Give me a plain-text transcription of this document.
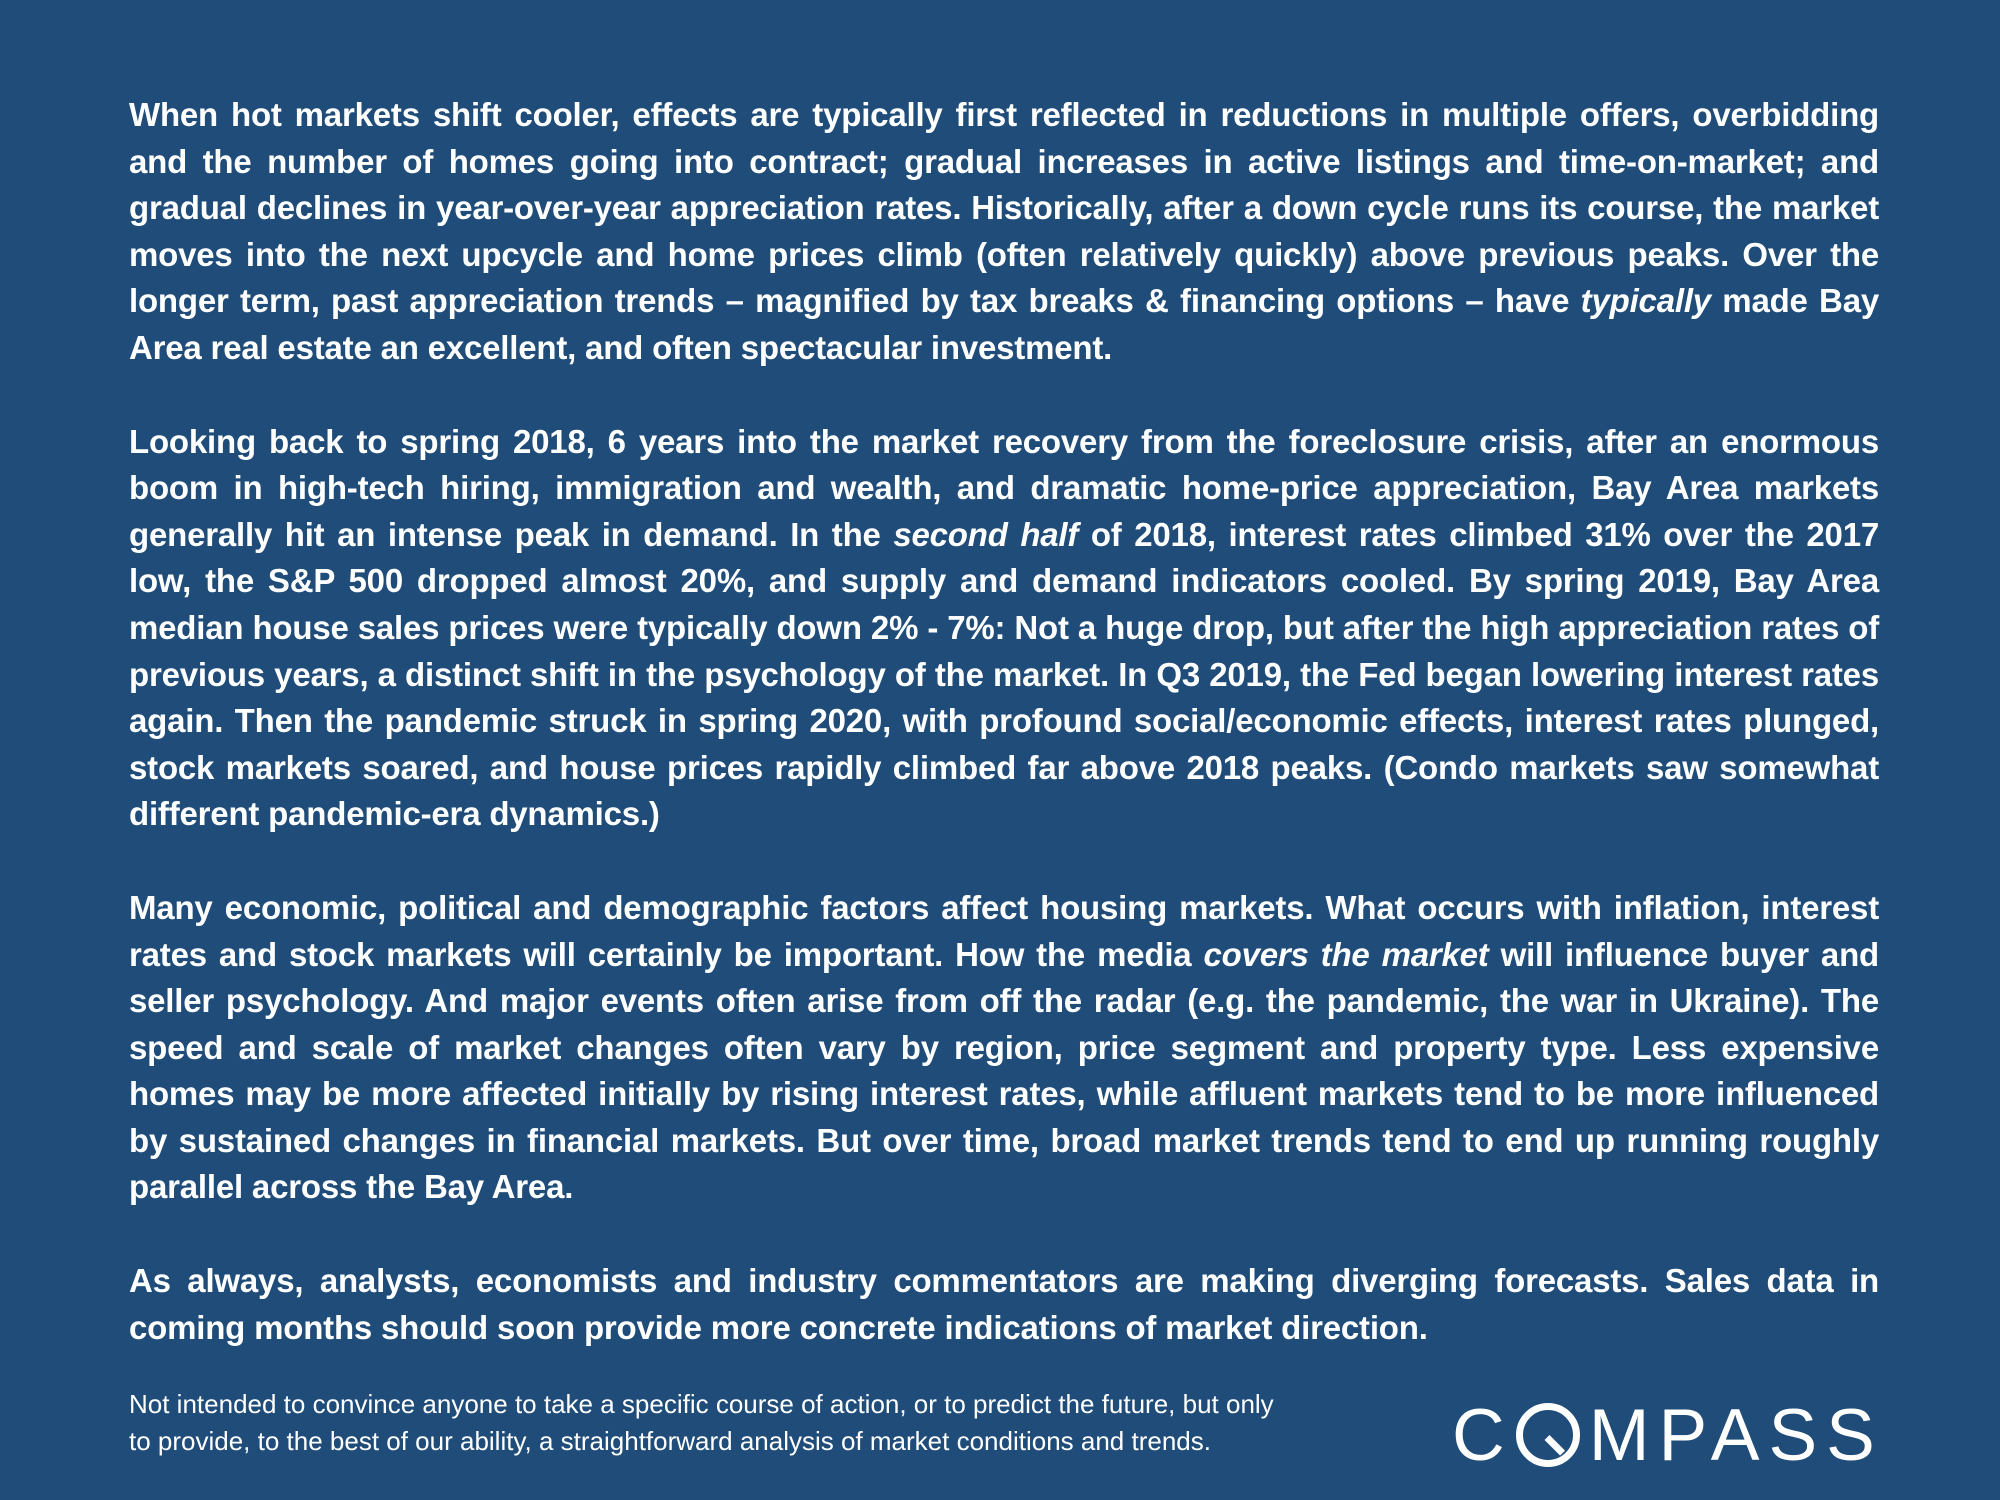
When hot markets shift cooler, effects are typically first reflected in reductions in multiple offers, overbidding and the number of homes going into contract; gradual increases in active listings and time-on-market; and gradual declines in year-over-year appreciation rates. Historically, after a down cycle runs its course, the market moves into the next upcycle and home prices climb (often relatively quickly) above previous peaks. Over the longer term, past appreciation trends – magnified by tax breaks & financing options – have typically made Bay Area real estate an excellent, and often spectacular investment.

Looking back to spring 2018, 6 years into the market recovery from the foreclosure crisis, after an enormous boom in high-tech hiring, immigration and wealth, and dramatic home-price appreciation, Bay Area markets generally hit an intense peak in demand. In the second half of 2018, interest rates climbed 31% over the 2017 low, the S&P 500 dropped almost 20%, and supply and demand indicators cooled. By spring 2019, Bay Area median house sales prices were typically down 2% - 7%: Not a huge drop, but after the high appreciation rates of previous years, a distinct shift in the psychology of the market. In Q3 2019, the Fed began lowering interest rates again. Then the pandemic struck in spring 2020, with profound social/economic effects, interest rates plunged, stock markets soared, and house prices rapidly climbed far above 2018 peaks. (Condo markets saw somewhat different pandemic-era dynamics.)

Many economic, political and demographic factors affect housing markets. What occurs with inflation, interest rates and stock markets will certainly be important. How the media covers the market will influence buyer and seller psychology. And major events often arise from off the radar (e.g. the pandemic, the war in Ukraine). The speed and scale of market changes often vary by region, price segment and property type. Less expensive homes may be more affected initially by rising interest rates, while affluent markets tend to be more influenced by sustained changes in financial markets. But over time, broad market trends tend to end up running roughly parallel across the Bay Area.

As always, analysts, economists and industry commentators are making diverging forecasts. Sales data in coming months should soon provide more concrete indications of market direction.

Not intended to convince anyone to take a specific course of action, or to predict the future, but only
to provide, to the best of our ability, a straightforward analysis of market conditions and trends.	C MPASS
